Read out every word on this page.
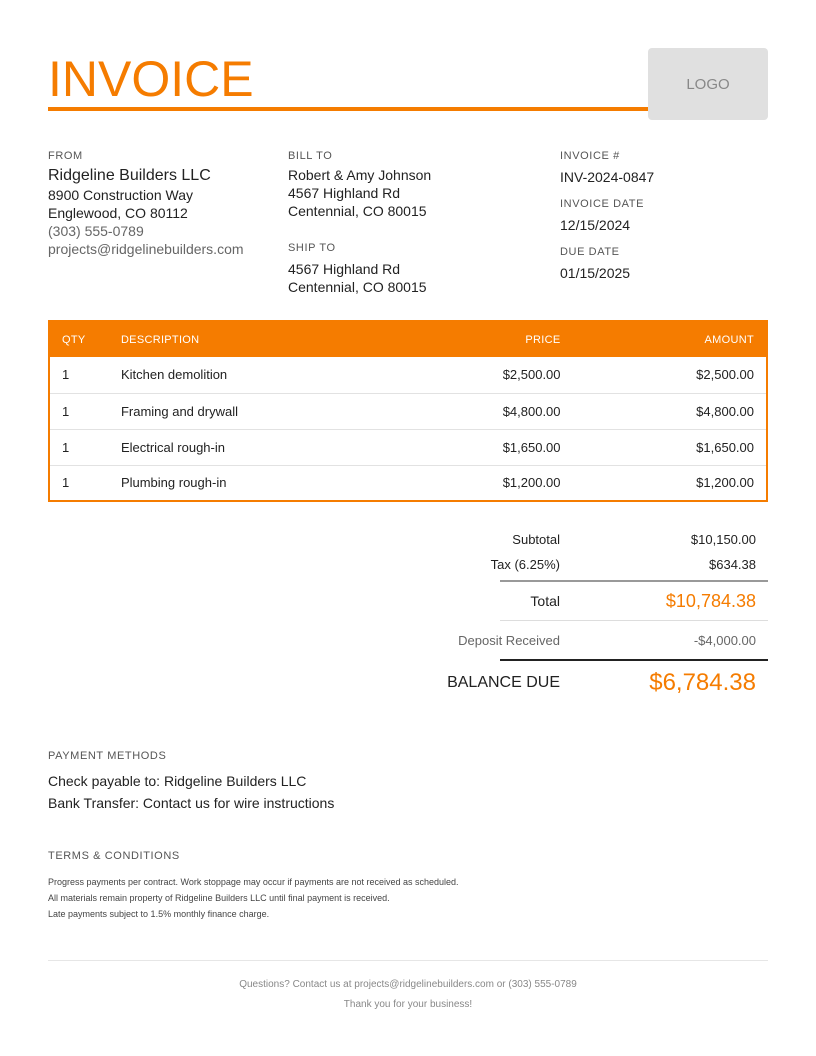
INVOICE	LOGO
FROM
Ridgeline Builders LLC
8900 Construction Way
Englewood, CO 80112
(303) 555-0789
projects@ridgelinebuilders.com
BILL TO
Robert & Amy Johnson
4567 Highland Rd
Centennial, CO 80015
SHIP TO
4567 Highland Rd
Centennial, CO 80015
INVOICE #
INV-2024-0847
INVOICE DATE
12/15/2024
DUE DATE
01/15/2025
QTY	DESCRIPTION	PRICE	AMOUNT
1	Kitchen demolition	$2,500.00	$2,500.00
1	Framing and drywall	$4,800.00	$4,800.00
1	Electrical rough-in	$1,650.00	$1,650.00
1	Plumbing rough-in	$1,200.00	$1,200.00
Subtotal	$10,150.00
Tax (6.25%)	$634.38
Total	$10,784.38
Deposit Received	-$4,000.00
BALANCE DUE	$6,784.38
PAYMENT METHODS
Check payable to: Ridgeline Builders LLC
Bank Transfer: Contact us for wire instructions
TERMS & CONDITIONS
Progress payments per contract. Work stoppage may occur if payments are not received as scheduled.
All materials remain property of Ridgeline Builders LLC until final payment is received.
Late payments subject to 1.5% monthly finance charge.
Questions? Contact us at projects@ridgelinebuilders.com or (303) 555-0789
Thank you for your business!
